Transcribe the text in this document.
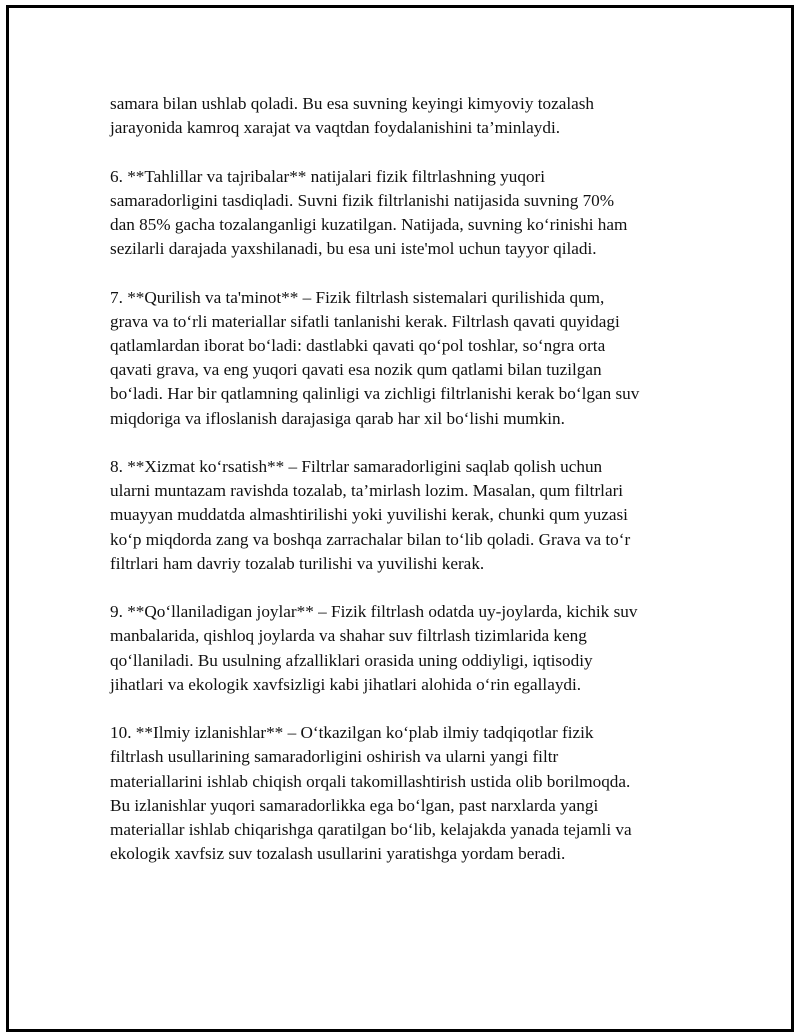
samara bilan ushlab qoladi. Bu esa suvning keyingi kimyoviy tozalash
jarayonida kamroq xarajat va vaqtdan foydalanishini ta’minlaydi.

6. **Tahlillar va tajribalar** natijalari fizik filtrlashning yuqori
samaradorligini tasdiqladi. Suvni fizik filtrlanishi natijasida suvning 70%
dan 85% gacha tozalanganligi kuzatilgan. Natijada, suvning ko‘rinishi ham
sezilarli darajada yaxshilanadi, bu esa uni iste'mol uchun tayyor qiladi.

7. **Qurilish va ta'minot** – Fizik filtrlash sistemalari qurilishida qum,
grava va to‘rli materiallar sifatli tanlanishi kerak. Filtrlash qavati quyidagi
qatlamlardan iborat bo‘ladi: dastlabki qavati qo‘pol toshlar, so‘ngra orta
qavati grava, va eng yuqori qavati esa nozik qum qatlami bilan tuzilgan
bo‘ladi. Har bir qatlamning qalinligi va zichligi filtrlanishi kerak bo‘lgan suv
miqdoriga va ifloslanish darajasiga qarab har xil bo‘lishi mumkin.

8. **Xizmat ko‘rsatish** – Filtrlar samaradorligini saqlab qolish uchun
ularni muntazam ravishda tozalab, ta’mirlash lozim. Masalan, qum filtrlari
muayyan muddatda almashtirilishi yoki yuvilishi kerak, chunki qum yuzasi
ko‘p miqdorda zang va boshqa zarrachalar bilan to‘lib qoladi. Grava va to‘r
filtrlari ham davriy tozalab turilishi va yuvilishi kerak.

9. **Qo‘llaniladigan joylar** – Fizik filtrlash odatda uy-joylarda, kichik suv
manbalarida, qishloq joylarda va shahar suv filtrlash tizimlarida keng
qo‘llaniladi. Bu usulning afzalliklari orasida uning oddiyligi, iqtisodiy
jihatlari va ekologik xavfsizligi kabi jihatlari alohida o‘rin egallaydi.

10. **Ilmiy izlanishlar** – O‘tkazilgan ko‘plab ilmiy tadqiqotlar fizik
filtrlash usullarining samaradorligini oshirish va ularni yangi filtr
materiallarini ishlab chiqish orqali takomillashtirish ustida olib borilmoqda.
Bu izlanishlar yuqori samaradorlikka ega bo‘lgan, past narxlarda yangi
materiallar ishlab chiqarishga qaratilgan bo‘lib, kelajakda yanada tejamli va
ekologik xavfsiz suv tozalash usullarini yaratishga yordam beradi.
